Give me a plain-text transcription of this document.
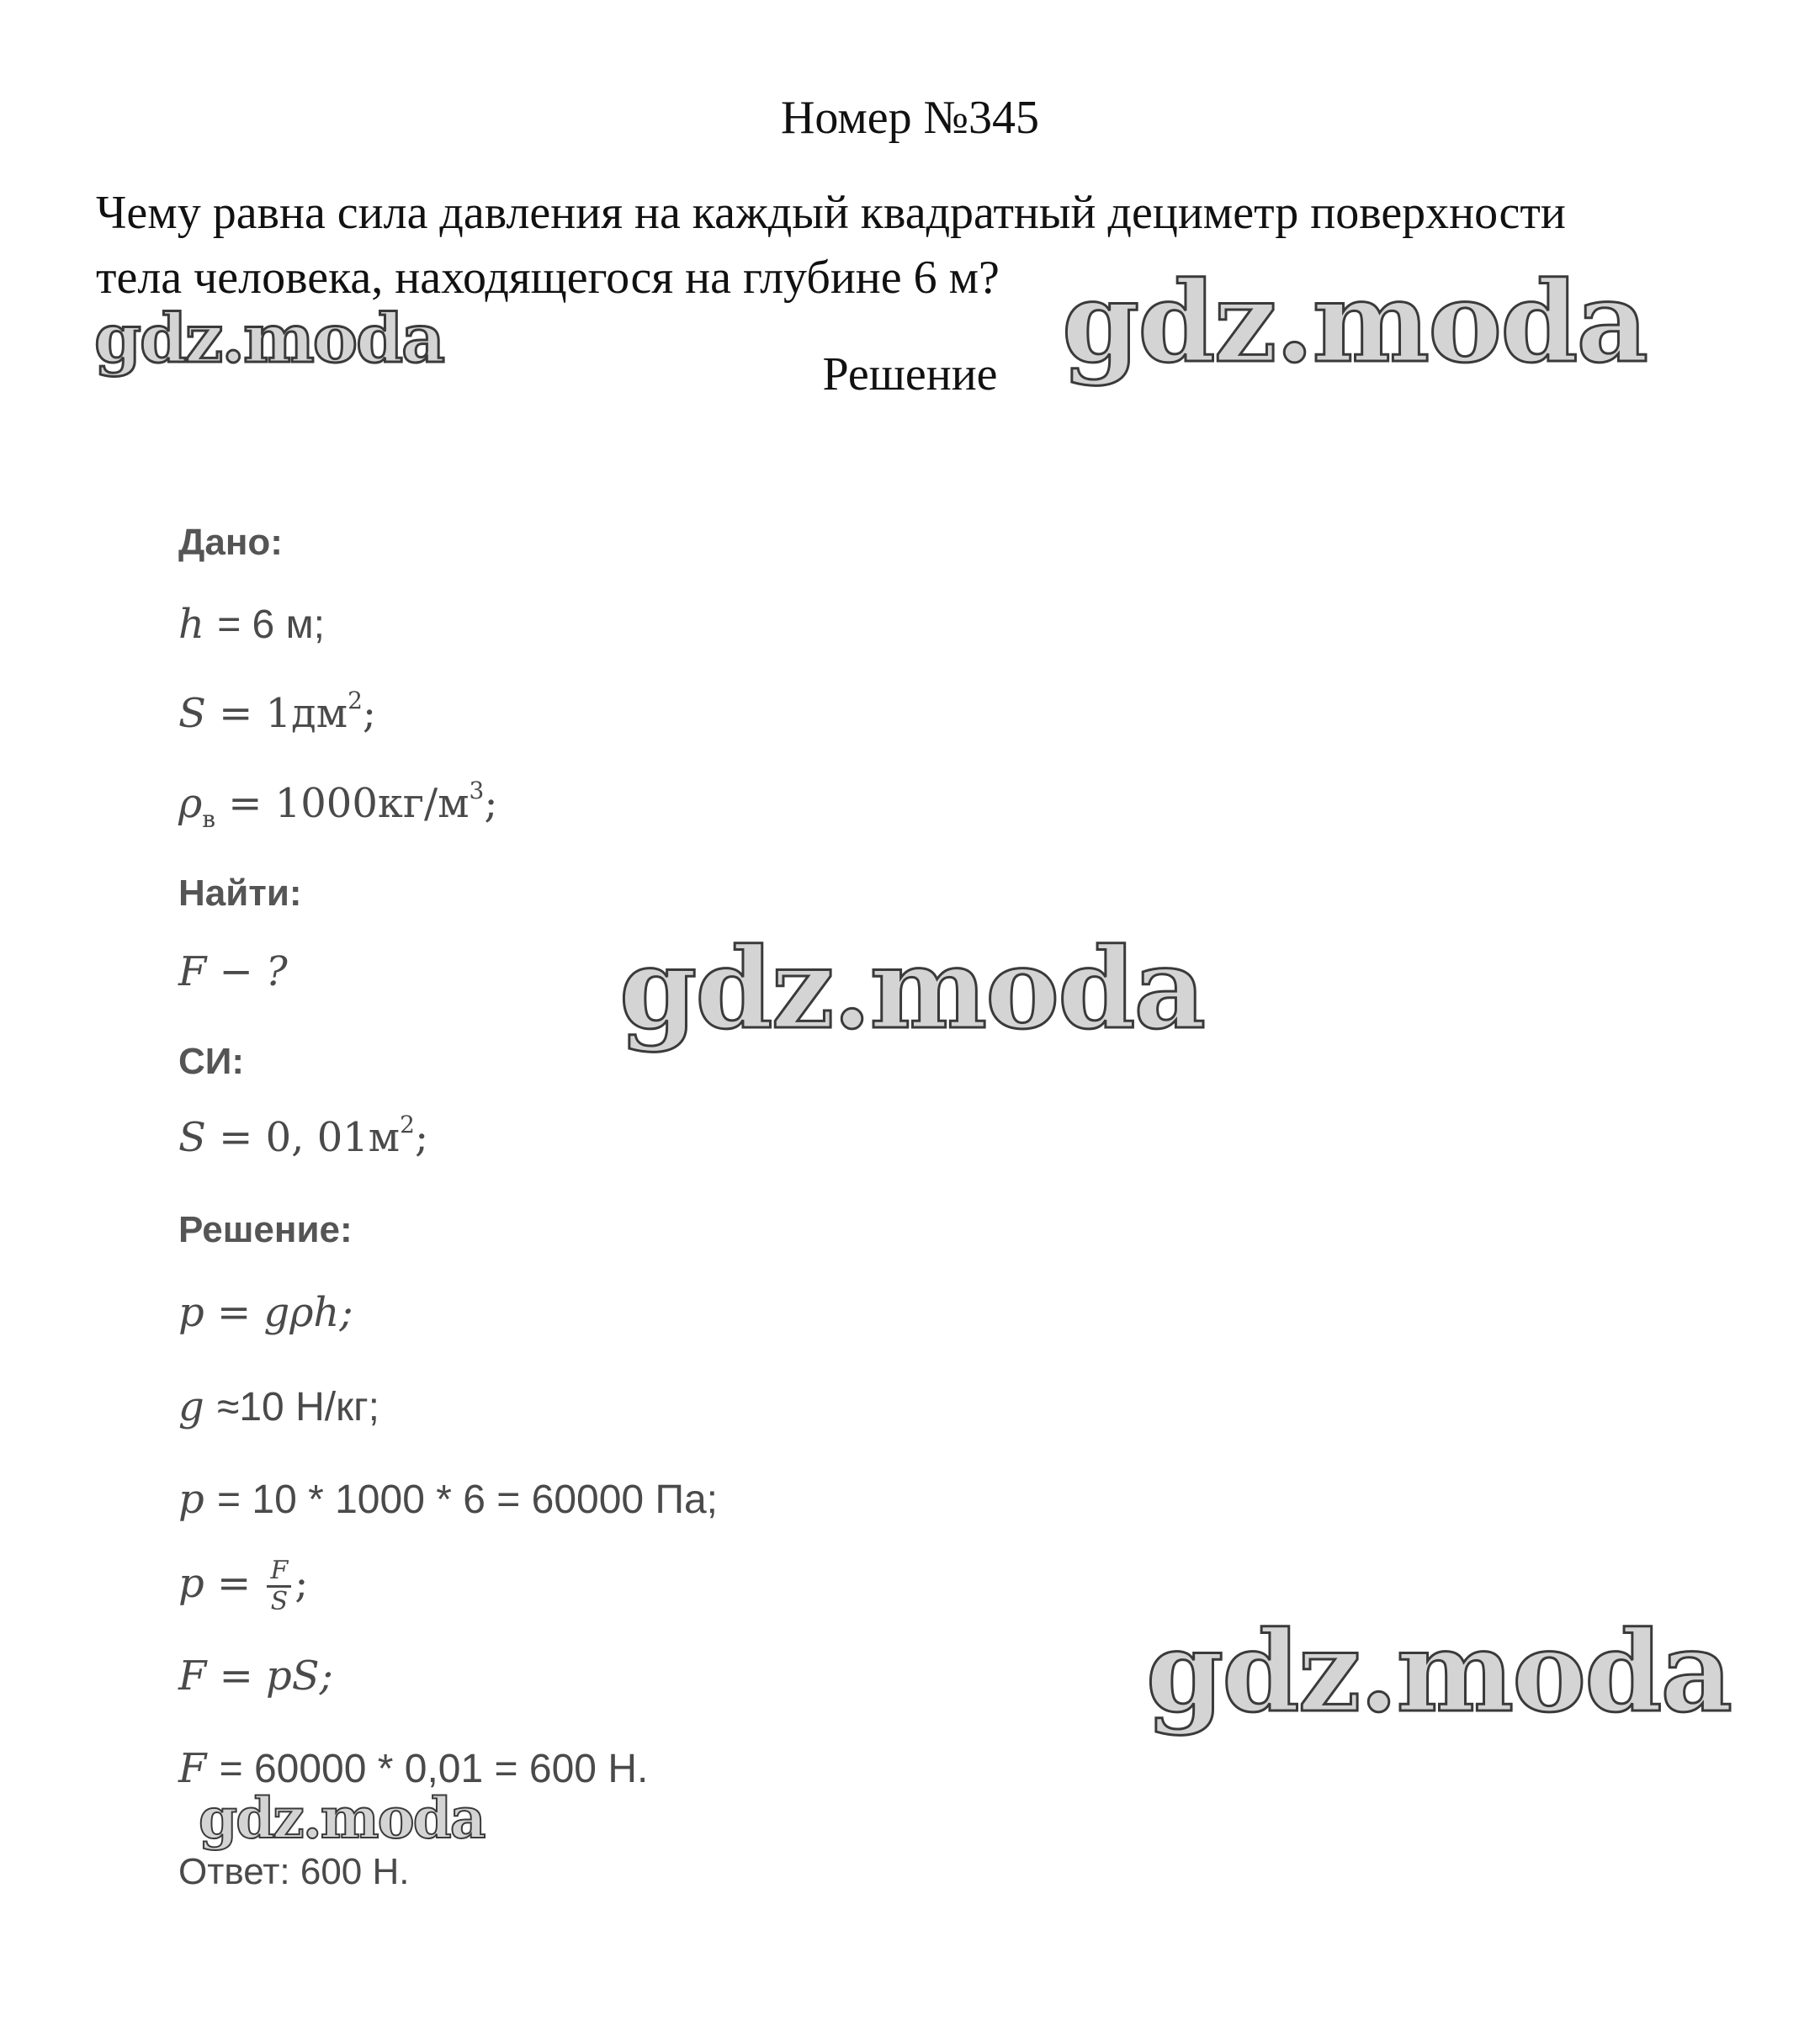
Номер №345
Чему равна сила давления на каждый квадратный дециметр поверхности
тела человека, находящегося на глубине 6 м?
Решение
gdz.moda	gdz.moda
gdz.moda
gdz.moda
gdz.moda
Дано:
h = 6 м;
$S = 1дм^2$;
$\rho_в = 1000кг/м^3$;
Найти:
F − ?
СИ:
S = 0, $01м^2$;
Решение:
p = gρh;
g ≈10 Н/кг;
p = 10 * 1000 * 6 = 60000 Па;
$p = \frac{F}{S}$ ;
F = pS;
F = 60000 * 0,01 = 600 Н.
Ответ: 600 Н.
